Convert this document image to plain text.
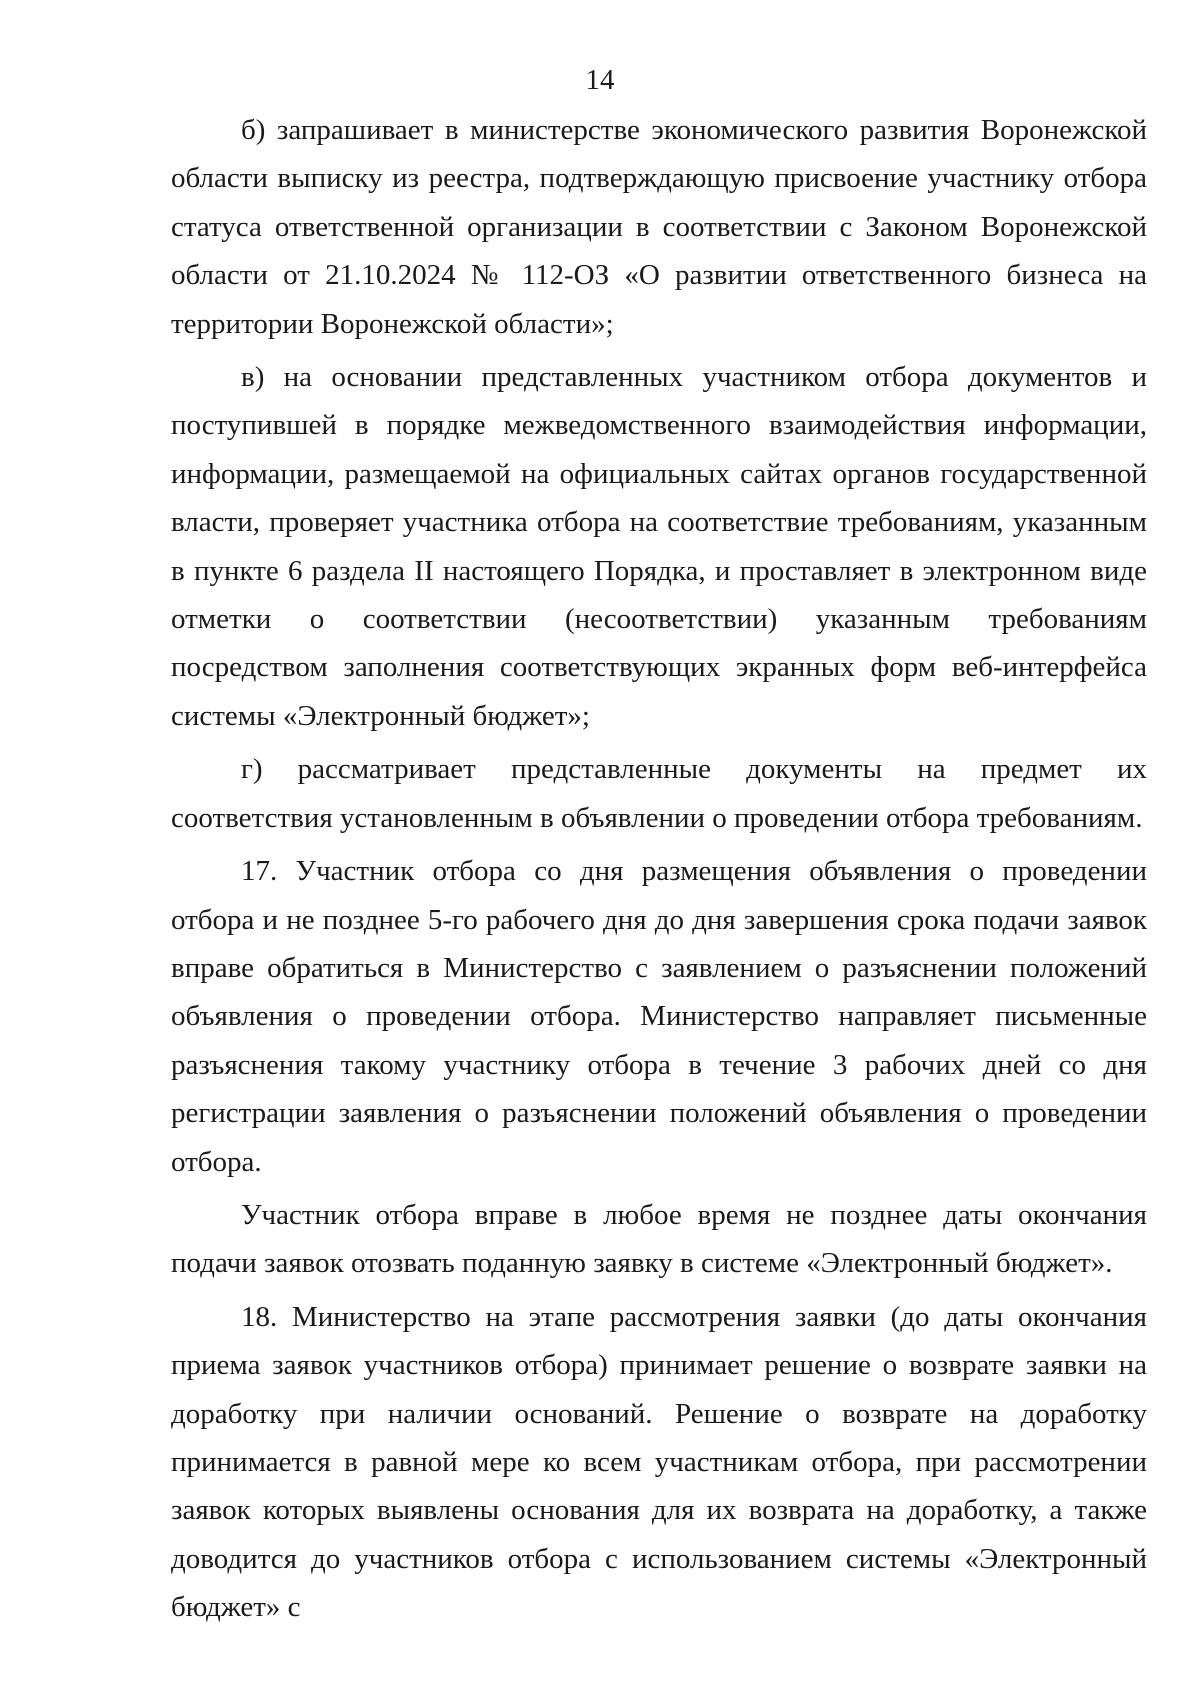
14

б) запрашивает в министерстве экономического развития Воронежской области выписку из реестра, подтверждающую присвоение участнику отбора статуса ответственной организации в соответствии с Законом Воронежской области от 21.10.2024 № 112-ОЗ «О развитии ответственного бизнеса на территории Воронежской области»;

в) на основании представленных участником отбора документов и поступившей в порядке межведомственного взаимодействия информации, информации, размещаемой на официальных сайтах органов государственной власти, проверяет участника отбора на соответствие требованиям, указанным в пункте 6 раздела II настоящего Порядка, и проставляет в электронном виде отметки о соответствии (несоответствии) указанным требованиям посредством заполнения соответствующих экранных форм веб-интерфейса системы «Электронный бюджет»;

г) рассматривает представленные документы на предмет их соответствия установленным в объявлении о проведении отбора требованиям.

17. Участник отбора со дня размещения объявления о проведении отбора и не позднее 5-го рабочего дня до дня завершения срока подачи заявок вправе обратиться в Министерство с заявлением о разъяснении положений объявления о проведении отбора. Министерство направляет письменные разъяснения такому участнику отбора в течение 3 рабочих дней со дня регистрации заявления о разъяснении положений объявления о проведении отбора.

Участник отбора вправе в любое время не позднее даты окончания подачи заявок отозвать поданную заявку в системе «Электронный бюджет».

18. Министерство на этапе рассмотрения заявки (до даты окончания приема заявок участников отбора) принимает решение о возврате заявки на доработку при наличии оснований. Решение о возврате на доработку принимается в равной мере ко всем участникам отбора, при рассмотрении заявок которых выявлены основания для их возврата на доработку, а также доводится до участников отбора с использованием системы «Электронный бюджет» с
